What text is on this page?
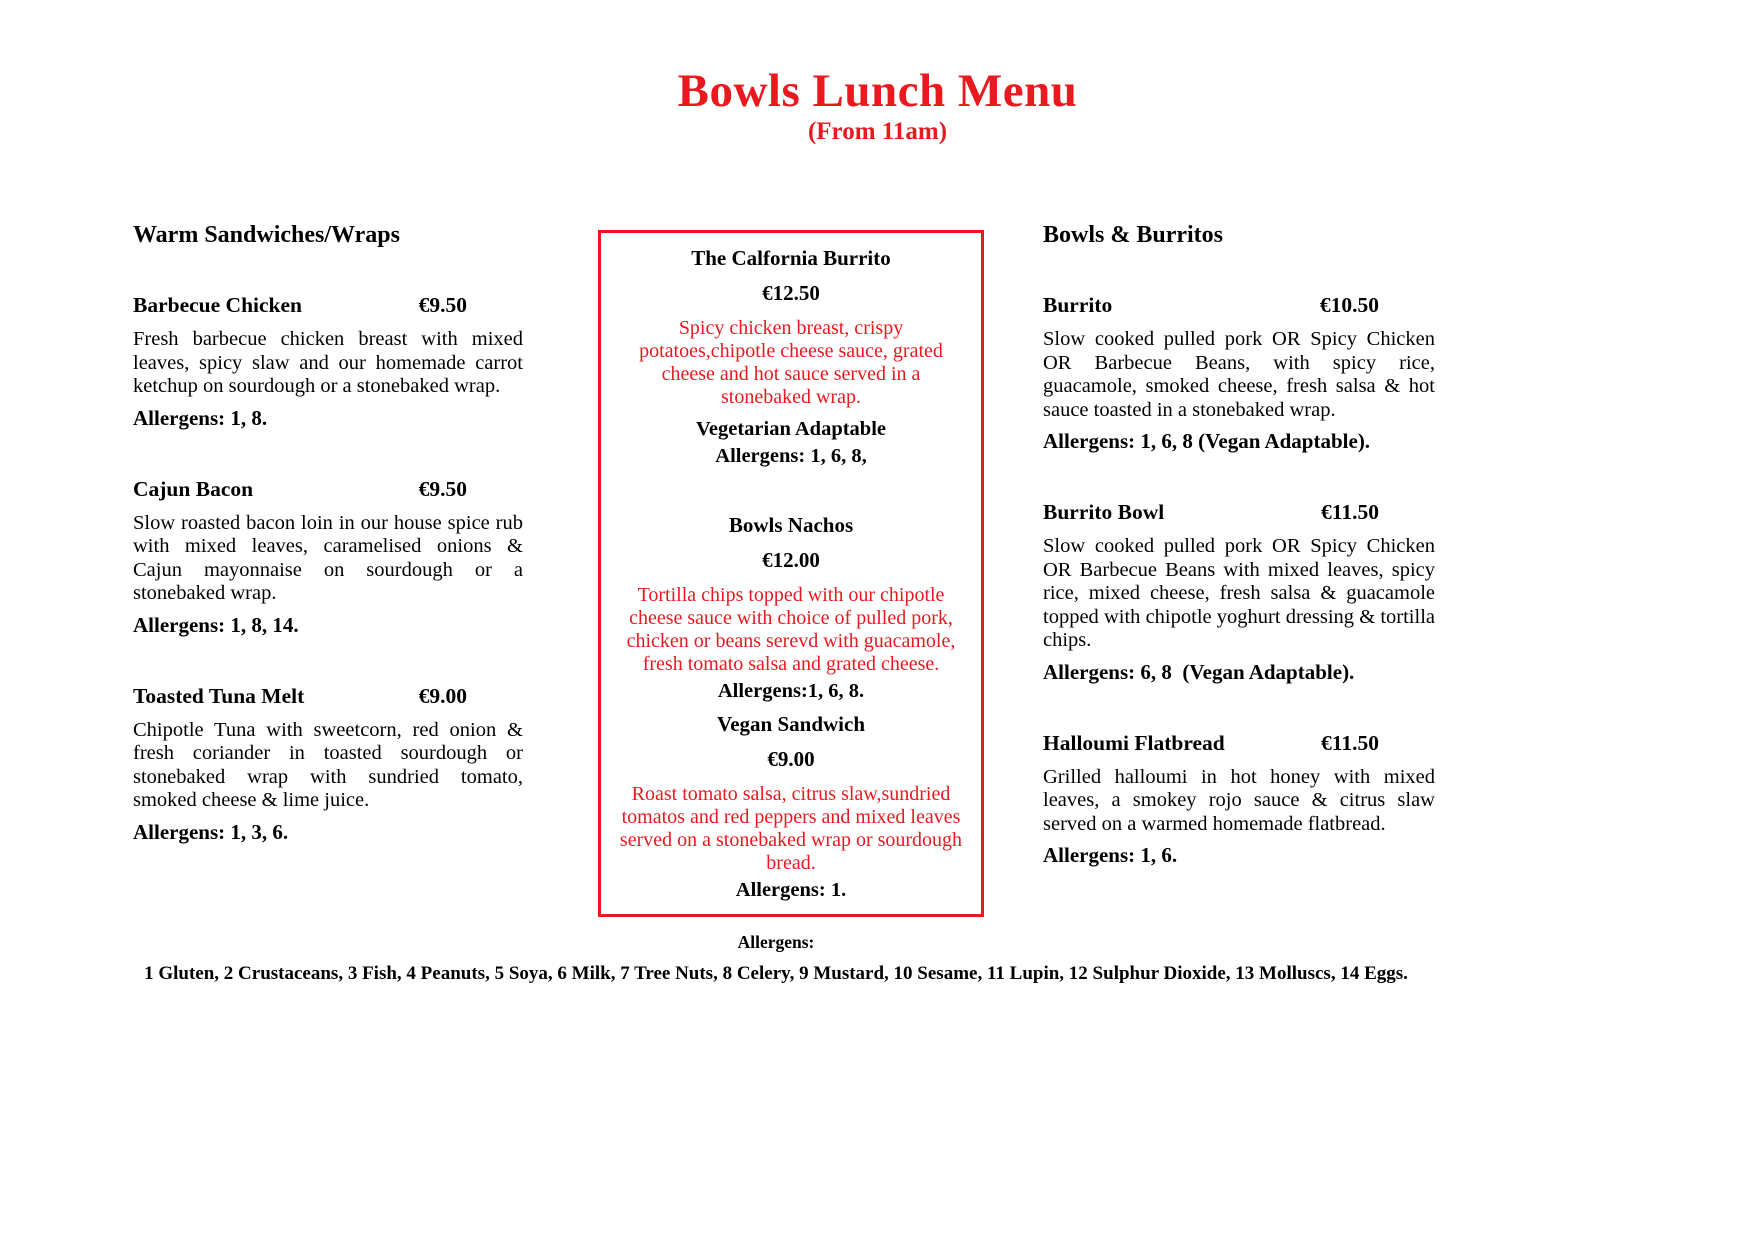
Bowls Lunch Menu
(From 11am)
Warm Sandwiches/Wraps
Barbecue Chicken	€9.50

Fresh barbecue chicken breast with mixed leaves, spicy slaw and our homemade carrot ketchup on sourdough or a stonebaked wrap.

Allergens: 1, 8.

Cajun Bacon	€9.50

Slow roasted bacon loin in our house spice rub with mixed leaves, caramelised onions & Cajun mayonnaise on sourdough or a stonebaked wrap.

Allergens: 1, 8, 14.

Toasted Tuna Melt	€9.00

Chipotle Tuna with sweetcorn, red onion & fresh coriander in toasted sourdough or stonebaked wrap with sundried tomato, smoked cheese & lime juice.

Allergens: 1, 3, 6.

The Calfornia Burrito
€12.50
Spicy chicken breast, crispy potatoes,chipotle cheese sauce, grated cheese and hot sauce served in a stonebaked wrap.
Vegetarian Adaptable
Allergens: 1, 6, 8,
Bowls Nachos
€12.00
Tortilla chips topped with our chipotle cheese sauce with choice of pulled pork, chicken or beans serevd with guacamole, fresh tomato salsa and grated cheese.
Allergens:1, 6, 8.
Vegan Sandwich
€9.00
Roast tomato salsa, citrus slaw,sundried tomatos and red peppers and mixed leaves served on a stonebaked wrap or sourdough bread.
Allergens: 1.
Bowls & Burritos
Burrito	€10.50

Slow cooked pulled pork OR Spicy Chicken OR Barbecue Beans, with spicy rice, guacamole, smoked cheese, fresh salsa & hot sauce toasted in a stonebaked wrap.

Allergens: 1, 6, 8 (Vegan Adaptable).

Burrito Bowl	€11.50

Slow cooked pulled pork OR Spicy Chicken OR Barbecue Beans with mixed leaves, spicy rice, mixed cheese, fresh salsa & guacamole topped with chipotle yoghurt dressing & tortilla chips.

Allergens: 6, 8  (Vegan Adaptable).

Halloumi Flatbread	€11.50

Grilled halloumi in hot honey with mixed leaves, a smokey rojo sauce & citrus slaw served on a warmed homemade flatbread.

Allergens: 1, 6.

Allergens:
1 Gluten, 2 Crustaceans, 3 Fish, 4 Peanuts, 5 Soya, 6 Milk, 7 Tree Nuts, 8 Celery, 9 Mustard, 10 Sesame, 11 Lupin, 12 Sulphur Dioxide, 13 Molluscs, 14 Eggs.
